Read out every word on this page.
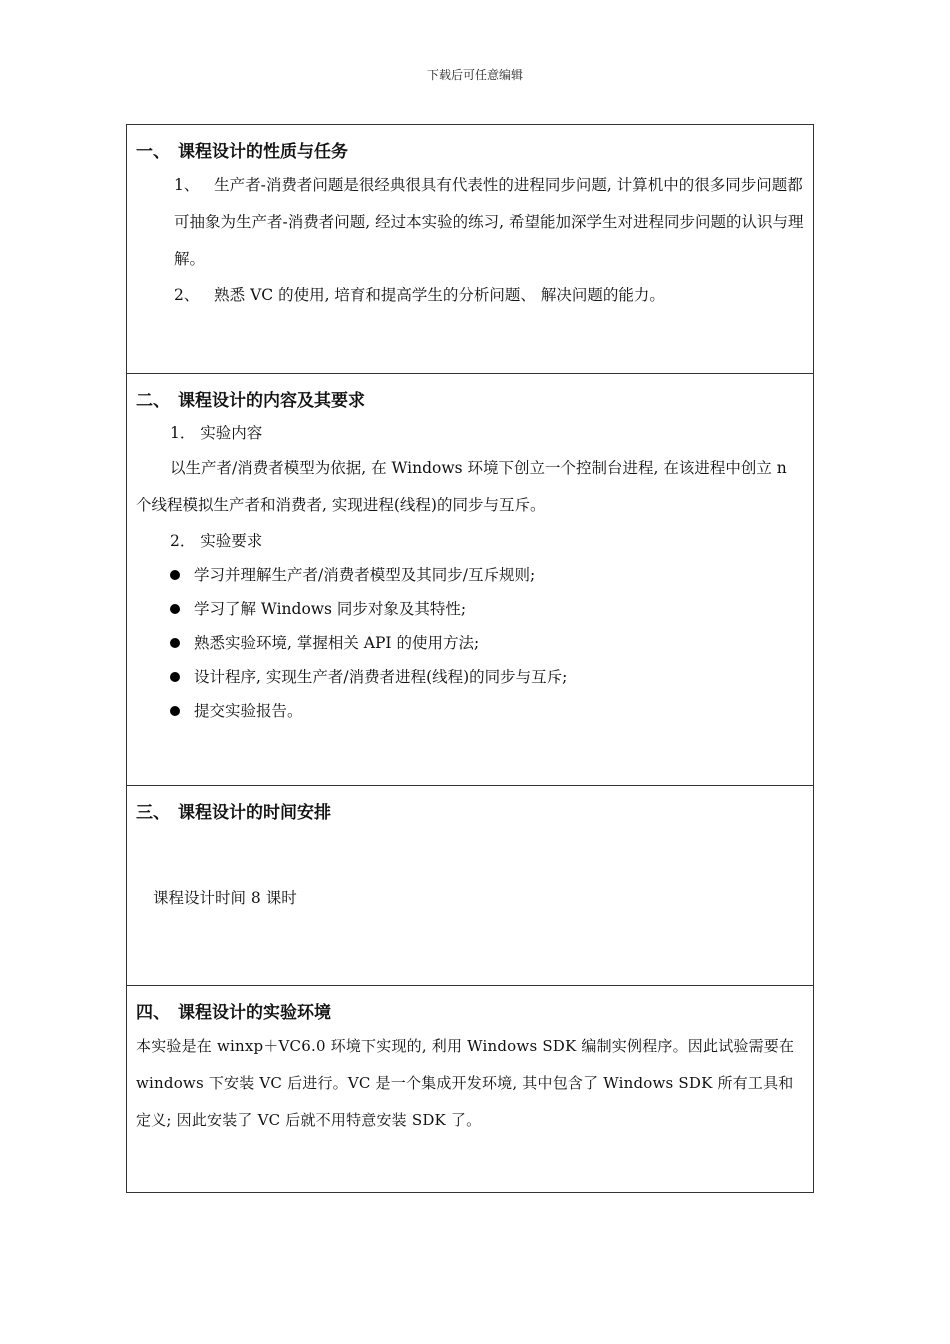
下载后可任意编辑
一、 课程设计的性质与任务

1、 生产者-消费者问题是很经典很具有代表性的进程同步问题, 计算机中的很多同步问题都可抽象为生产者-消费者问题, 经过本实验的练习, 希望能加深学生对进程同步问题的认识与理解。

2、 熟悉 VC 的使用, 培育和提高学生的分析问题、 解决问题的能力。

二、 课程设计的内容及其要求

1． 实验内容

以生产者/消费者模型为依据, 在 Windows 环境下创立一个控制台进程, 在该进程中创立 n 个线程模拟生产者和消费者, 实现进程(线程)的同步与互斥。

2． 实验要求

学习并理解生产者/消费者模型及其同步/互斥规则;
学习了解 Windows 同步对象及其特性;
熟悉实验环境, 掌握相关 API 的使用方法;
设计程序, 实现生产者/消费者进程(线程)的同步与互斥;
提交实验报告。
三、 课程设计的时间安排
课程设计时间 8 课时
四、 课程设计的实验环境

本实验是在 winxp＋VC6.0 环境下实现的, 利用 Windows SDK 编制实例程序。因此试验需要在 windows 下安装 VC 后进行。VC 是一个集成开发环境, 其中包含了 Windows SDK 所有工具和定义; 因此安装了 VC 后就不用特意安装 SDK 了。
